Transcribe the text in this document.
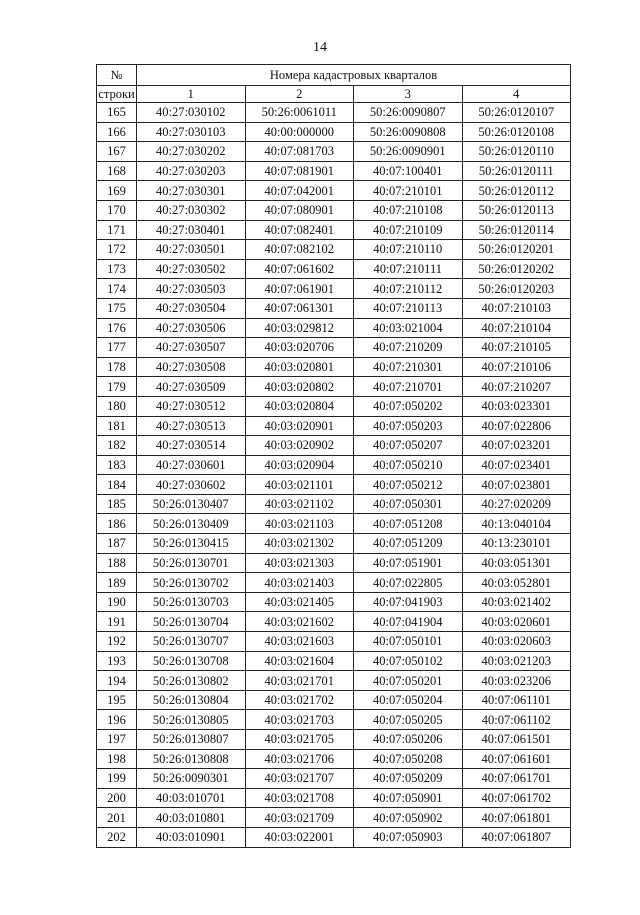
14
№	Номера кадастровых кварталов			
строки	1	2	3	4
165	40:27:030102	50:26:0061011	50:26:0090807	50:26:0120107
166	40:27:030103	40:00:000000	50:26:0090808	50:26:0120108
167	40:27:030202	40:07:081703	50:26:0090901	50:26:0120110
168	40:27:030203	40:07:081901	40:07:100401	50:26:0120111
169	40:27:030301	40:07:042001	40:07:210101	50:26:0120112
170	40:27:030302	40:07:080901	40:07:210108	50:26:0120113
171	40:27:030401	40:07:082401	40:07:210109	50:26:0120114
172	40:27:030501	40:07:082102	40:07:210110	50:26:0120201
173	40:27:030502	40:07:061602	40:07:210111	50:26:0120202
174	40:27:030503	40:07:061901	40:07:210112	50:26:0120203
175	40:27:030504	40:07:061301	40:07:210113	40:07:210103
176	40:27:030506	40:03:029812	40:03:021004	40:07:210104
177	40:27:030507	40:03:020706	40:07:210209	40:07:210105
178	40:27:030508	40:03:020801	40:07:210301	40:07:210106
179	40:27:030509	40:03:020802	40:07:210701	40:07:210207
180	40:27:030512	40:03:020804	40:07:050202	40:03:023301
181	40:27:030513	40:03:020901	40:07:050203	40:07:022806
182	40:27:030514	40:03:020902	40:07:050207	40:07:023201
183	40:27:030601	40:03:020904	40:07:050210	40:07:023401
184	40:27:030602	40:03:021101	40:07:050212	40:07:023801
185	50:26:0130407	40:03:021102	40:07:050301	40:27:020209
186	50:26:0130409	40:03:021103	40:07:051208	40:13:040104
187	50:26:0130415	40:03:021302	40:07:051209	40:13:230101
188	50:26:0130701	40:03:021303	40:07:051901	40:03:051301
189	50:26:0130702	40:03:021403	40:07:022805	40:03:052801
190	50:26:0130703	40:03:021405	40:07:041903	40:03:021402
191	50:26:0130704	40:03:021602	40:07:041904	40:03:020601
192	50:26:0130707	40:03:021603	40:07:050101	40:03:020603
193	50:26:0130708	40:03:021604	40:07:050102	40:03:021203
194	50:26:0130802	40:03:021701	40:07:050201	40:03:023206
195	50:26:0130804	40:03:021702	40:07:050204	40:07:061101
196	50:26:0130805	40:03:021703	40:07:050205	40:07:061102
197	50:26:0130807	40:03:021705	40:07:050206	40:07:061501
198	50:26:0130808	40:03:021706	40:07:050208	40:07:061601
199	50:26:0090301	40:03:021707	40:07:050209	40:07:061701
200	40:03:010701	40:03:021708	40:07:050901	40:07:061702
201	40:03:010801	40:03:021709	40:07:050902	40:07:061801
202	40:03:010901	40:03:022001	40:07:050903	40:07:061807
